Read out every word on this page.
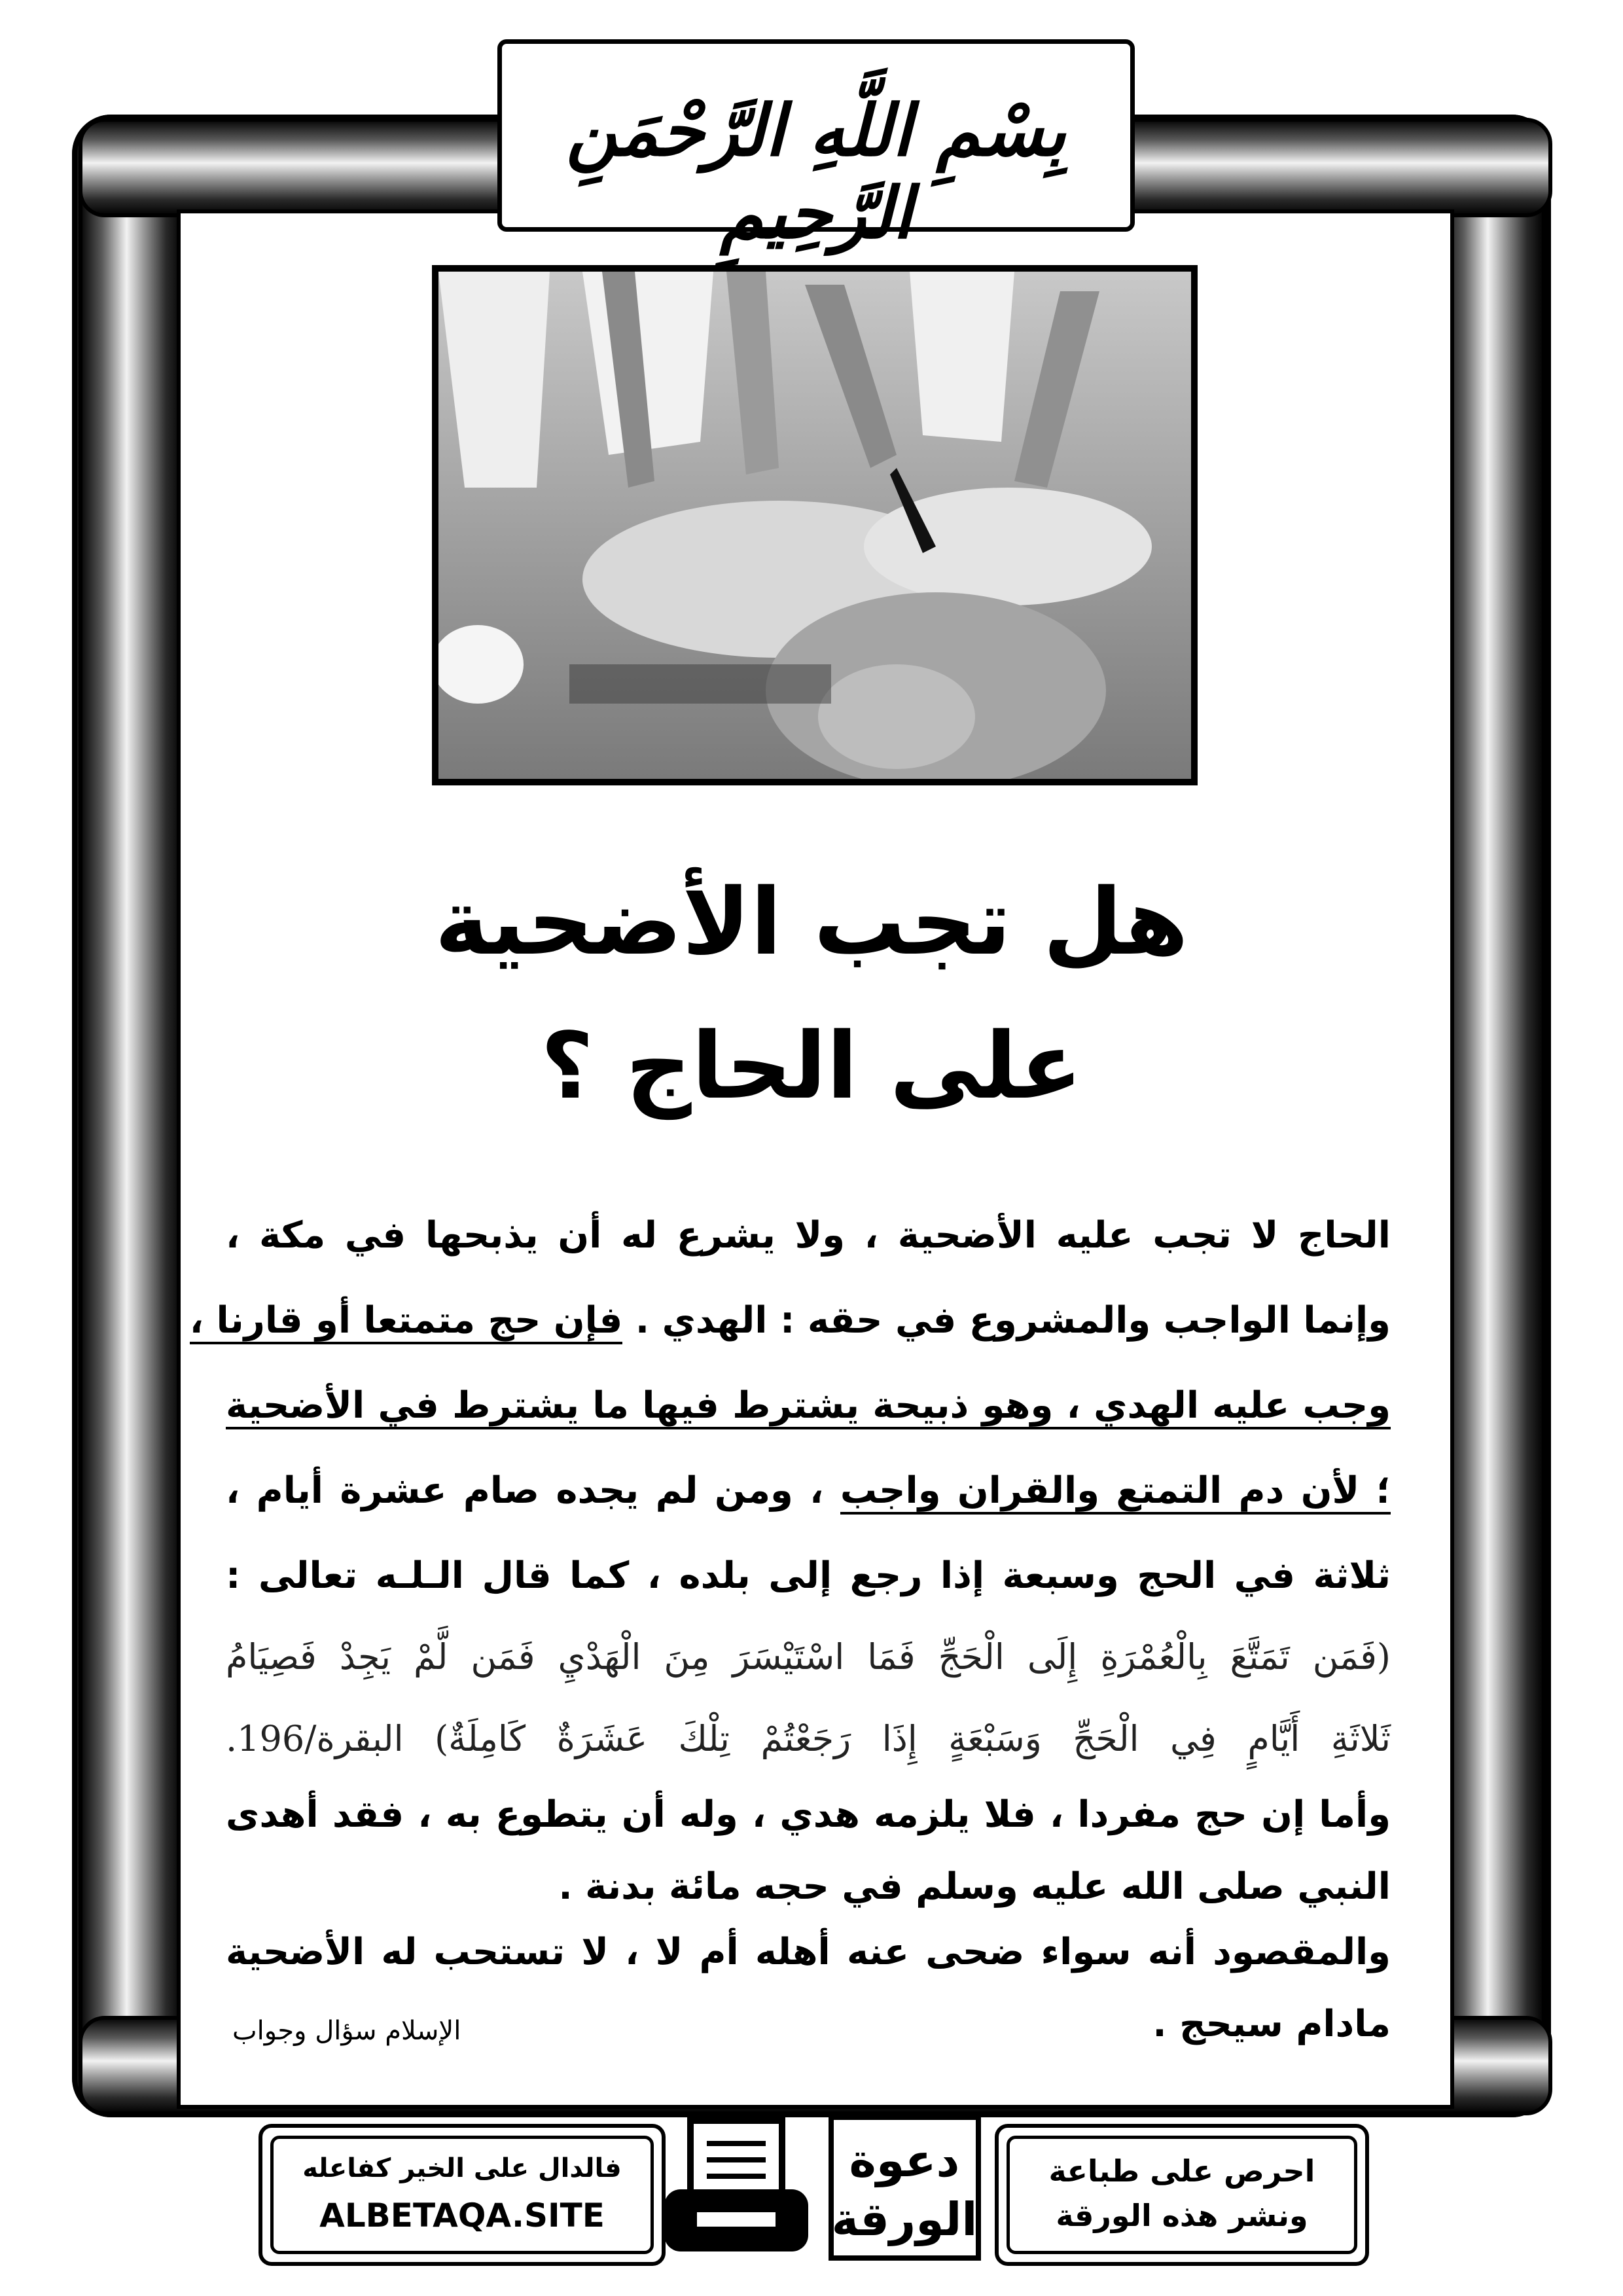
بِسْمِ اللَّهِ الرَّحْمَنِ الرَّحِيمِ
هل تجب الأضحية
على الحاج ؟
الحاج لا تجب عليه الأضحية ، ولا يشرع له أن يذبحها في مكة ،
وإنما الواجب والمشروع في حقه : الهدي . فإن حج متمتعا أو قارنا ،
وجب عليه الهدي ، وهو ذبيحة يشترط فيها ما يشترط في الأضحية
؛ لأن دم التمتع والقران واجب ، ومن لم يجده صام عشرة أيام ،
ثلاثة في الحج وسبعة إذا رجع إلى بلده ، كما قال الـلـه تعالى :
(فَمَن تَمَتَّعَ بِالْعُمْرَةِ إِلَى الْحَجِّ فَمَا اسْتَيْسَرَ مِنَ الْهَدْيِ فَمَن لَّمْ يَجِدْ فَصِيَامُ
ثَلاثَةِ أَيَّامٍ فِي الْحَجِّ وَسَبْعَةٍ إِذَا رَجَعْتُمْ تِلْكَ عَشَرَةٌ كَامِلَةٌ) البقرة/196.
وأما إن حج مفردا ، فلا يلزمه هدي ، وله أن يتطوع به ، فقد أهدى
النبي صلى الله عليه وسلم في حجه مائة بدنة .
والمقصود أنه سواء ضحى عنه أهله أم لا ، لا تستحب له الأضحية
مادام سيحج .
الإسلام سؤال وجواب
فالدال على الخير كفاعله
ALBETAQA.SITE
دعوة
الورقة
احرص على طباعة
ونشر هذه الورقة
